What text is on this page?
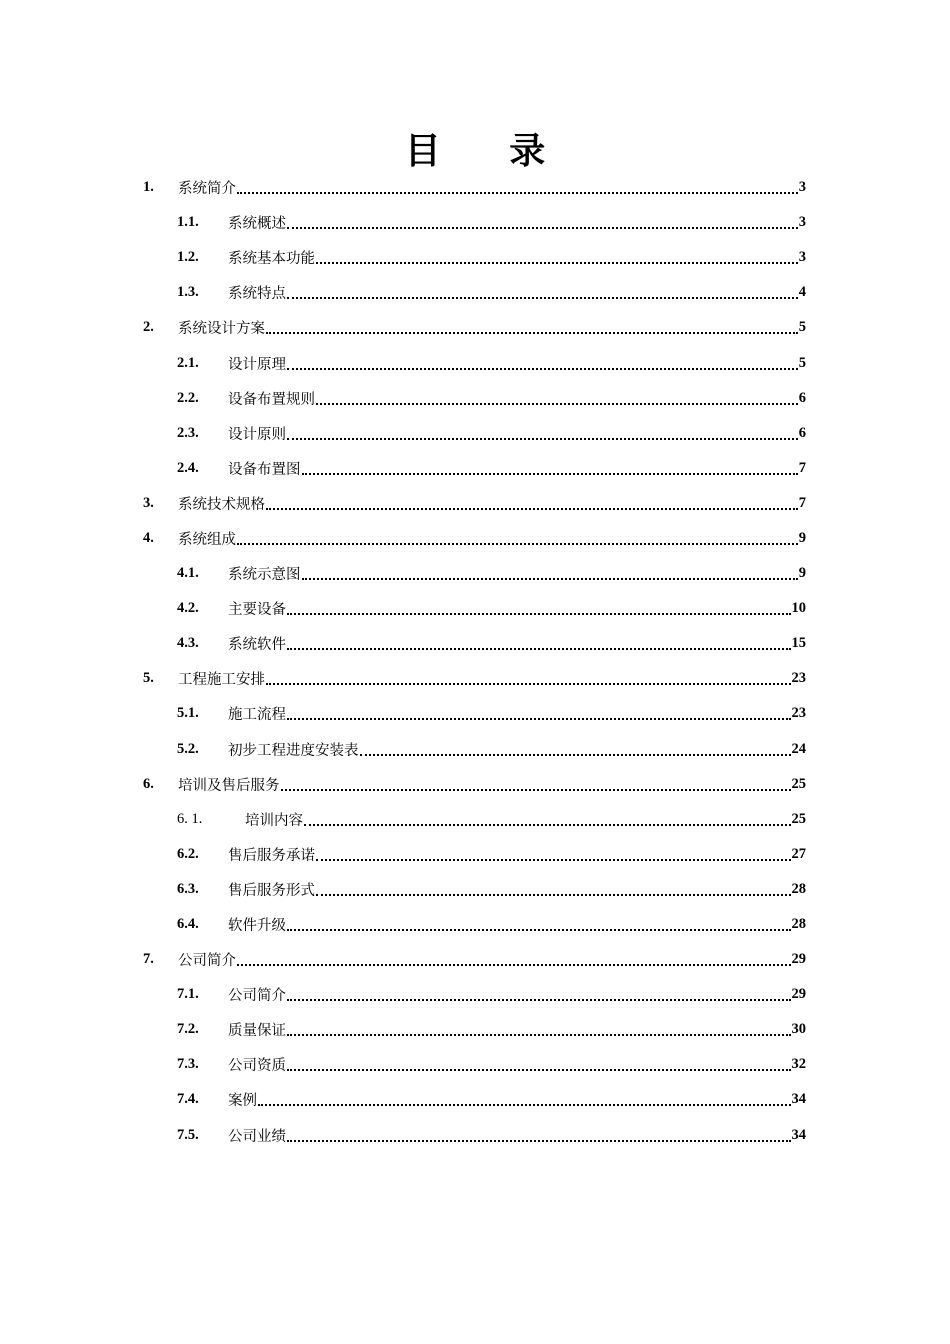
目 录
1.	系统简介	3
1.1.	系统概述	3
1.2.	系统基本功能	3
1.3.	系统特点	4
2.	系统设计方案	5
2.1.	设计原理	5
2.2.	设备布置规则	6
2.3.	设计原则	6
2.4.	设备布置图	7
3.	系统技术规格	7
4.	系统组成	9
4.1.	系统示意图	9
4.2.	主要设备	10
4.3.	系统软件	15
5.	工程施工安排	23
5.1.	施工流程	23
5.2.	初步工程进度安装表	24
6.	培训及售后服务	25
6. 1.	培训内容	25
6.2.	售后服务承诺	27
6.3.	售后服务形式	28
6.4.	软件升级	28
7.	公司简介	29
7.1.	公司简介	29
7.2.	质量保证	30
7.3.	公司资质	32
7.4.	案例	34
7.5.	公司业绩	34
